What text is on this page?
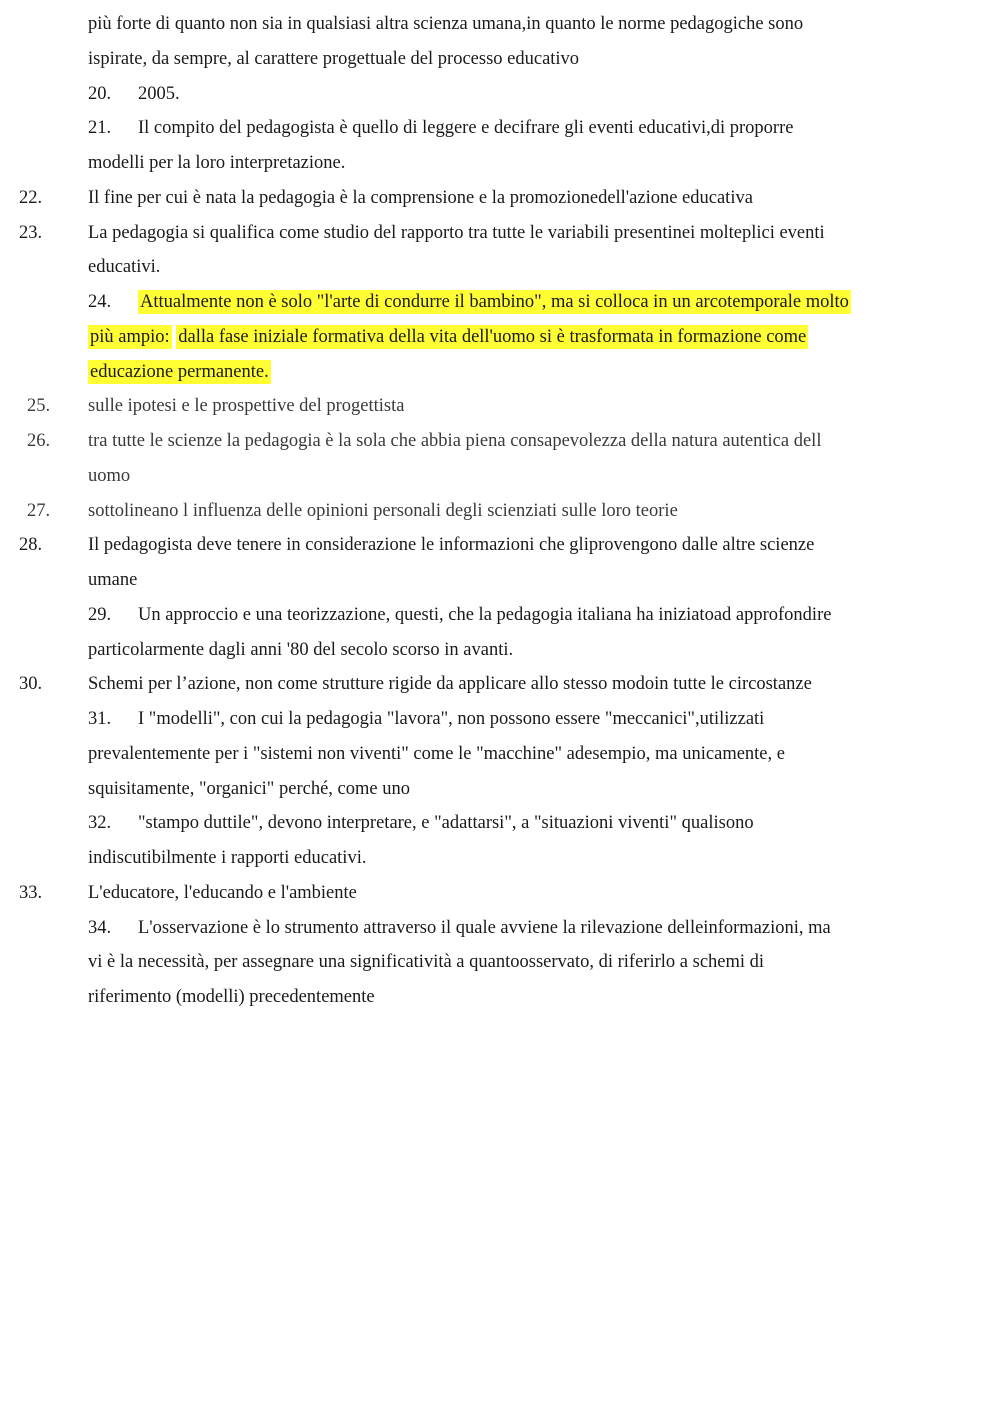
più forte di quanto non sia in qualsiasi altra scienza umana,in quanto le norme pedagogiche sono
ispirate, da sempre, al carattere progettuale del processo educativo
20. 2005.
21. Il compito del pedagogista è quello di leggere e decifrare gli eventi educativi,di proporre
modelli per la loro interpretazione.
22. Il fine per cui è nata la pedagogia è la comprensione e la promozionedell'azione educativa
23. La pedagogia si qualifica come studio del rapporto tra tutte le variabili presentinei molteplici eventi
educativi.
24. Attualmente non è solo "l'arte di condurre il bambino", ma si colloca in un arcotemporale molto
più ampio: dalla fase iniziale formativa della vita dell'uomo si è trasformata in formazione come
educazione permanente.
25. sulle ipotesi e le prospettive del progettista
26. tra tutte le scienze la pedagogia è la sola che abbia piena consapevolezza della natura autentica dell
uomo
27. sottolineano l influenza delle opinioni personali degli scienziati sulle loro teorie
28. Il pedagogista deve tenere in considerazione le informazioni che gliprovengono dalle altre scienze
umane
29. Un approccio e una teorizzazione, questi, che la pedagogia italiana ha iniziatoad approfondire
particolarmente dagli anni '80 del secolo scorso in avanti.
30. Schemi per l’azione, non come strutture rigide da applicare allo stesso modoin tutte le circostanze
31. I "modelli", con cui la pedagogia "lavora", non possono essere "meccanici",utilizzati
prevalentemente per i "sistemi non viventi" come le "macchine" adesempio, ma unicamente, e
squisitamente, "organici" perché, come uno
32. "stampo duttile", devono interpretare, e "adattarsi", a "situazioni viventi" qualisono
indiscutibilmente i rapporti educativi.
33. L'educatore, l'educando e l'ambiente
34. L'osservazione è lo strumento attraverso il quale avviene la rilevazione delleinformazioni, ma
vi è la necessità, per assegnare una significatività a quantoosservato, di riferirlo a schemi di
riferimento (modelli) precedentemente
